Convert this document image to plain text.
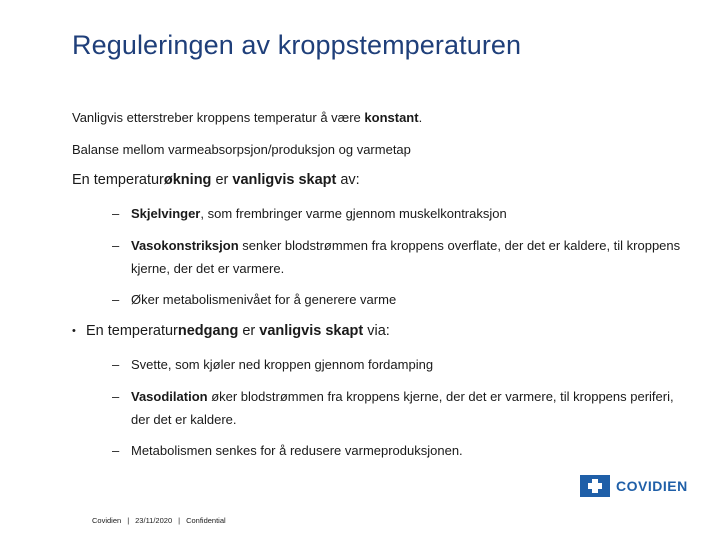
Reguleringen av kroppstemperaturen

Vanligvis etterstreber kroppens temperatur å være konstant.

Balanse mellom varmeabsorpsjon/produksjon og varmetap

En temperaturøkning er vanligvis skapt av:

– Skjelvinger, som frembringer varme gjennom muskelkontraksjon
– Vasokonstriksjon senker blodstrømmen fra kroppens overflate, der det er kaldere, til kroppens kjerne, der det er varmere.
– Øker metabolismenivået for å generere varme
• En temperaturnedgang er vanligvis skapt via:
– Svette, som kjøler ned kroppen gjennom fordamping
– Vasodilation øker blodstrømmen fra kroppens kjerne, der det er varmere, til kroppens periferi, der det er kaldere.
– Metabolismen senkes for å redusere varmeproduksjonen.
COVIDIEN
Covidien | 23/11/2020 | Confidential
